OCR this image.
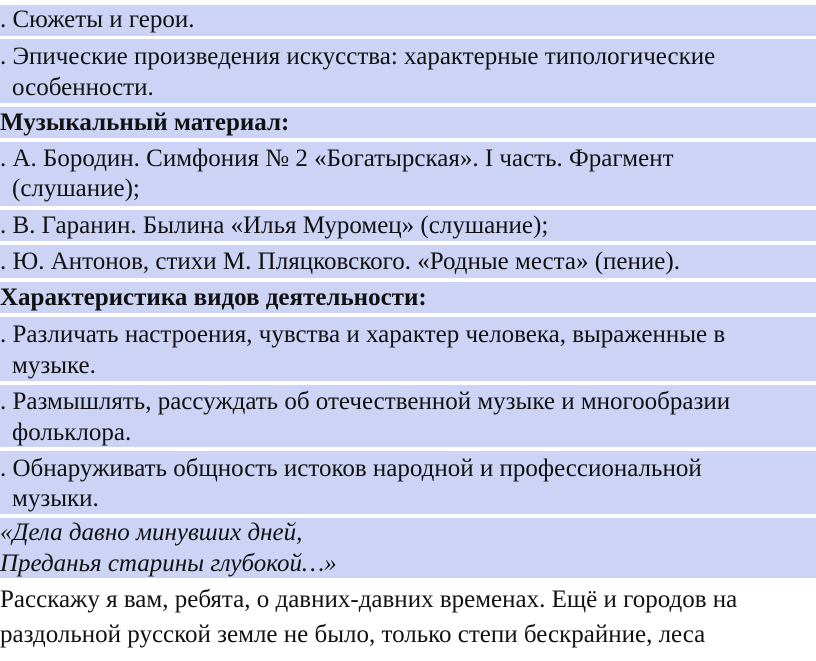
. Сюжеты и герои.
. Эпические произведения искусства: характерные типологические
особенности.
Музыкальный материал:
. А. Бородин. Симфония № 2 «Богатырская». I часть. Фрагмент
(слушание);
. В. Гаранин. Былина «Илья Муромец» (слушание);
. Ю. Антонов, стихи М. Пляцковского. «Родные места» (пение).
Характеристика видов деятельности:
. Различать настроения, чувства и характер человека, выраженные в
музыке.
. Размышлять, рассуждать об отечественной музыке и многообразии
фольклора.
. Обнаруживать общность истоков народной и профессиональной
музыки.
«Дела давно минувших дней,
Преданья старины глубокой…»
Расскажу я вам, ребята, о давних-давних временах. Ещё и городов на
раздольной русской земле не было, только степи бескрайние, леса
